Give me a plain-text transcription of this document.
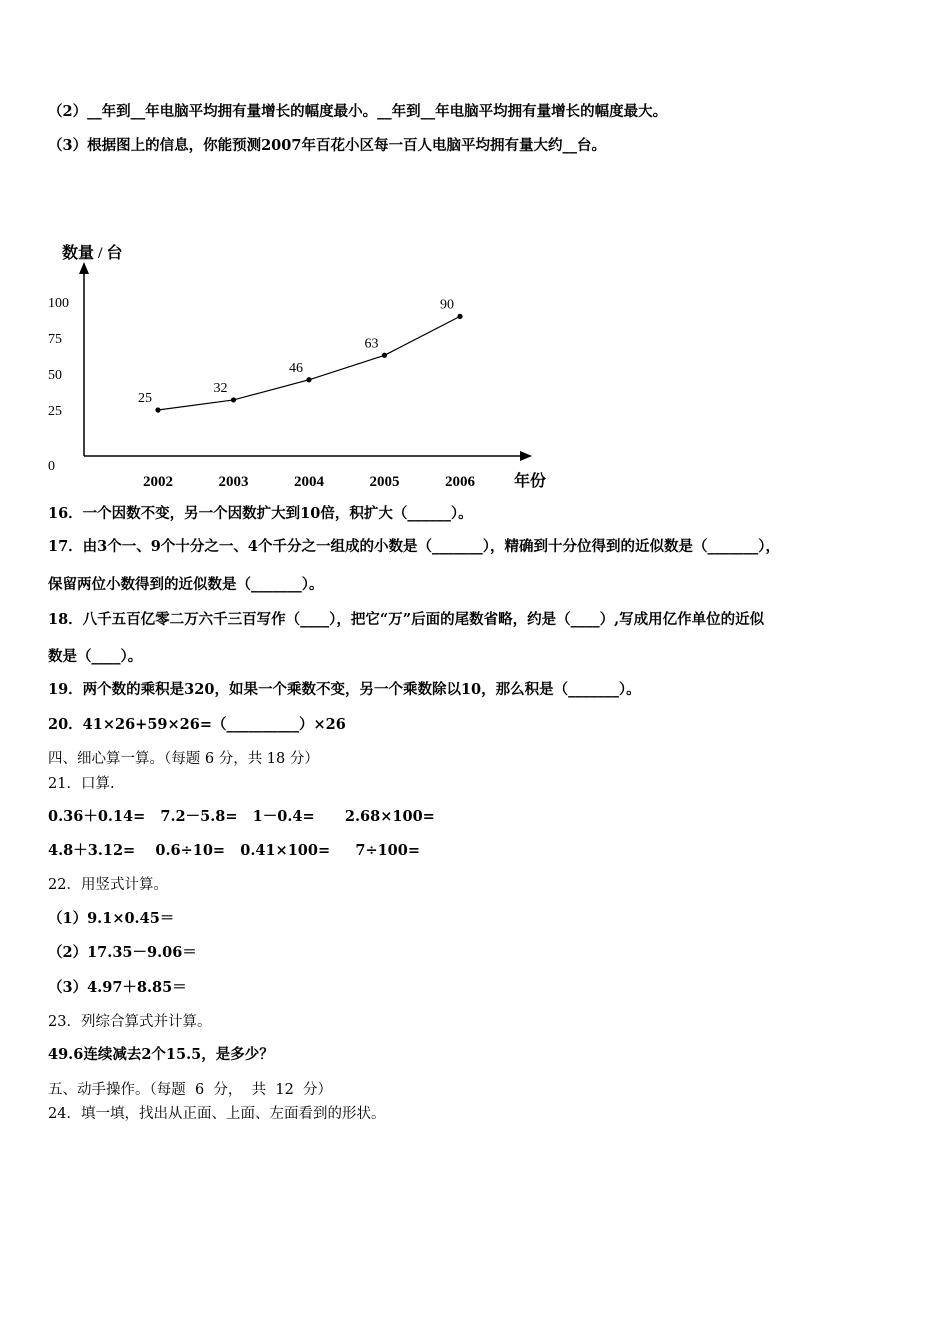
（2）__年到__年电脑平均拥有量增长的幅度最小。__年到__年电脑平均拥有量增长的幅度最大。
（3）根据图上的信息，你能预测2007年百花小区每一百人电脑平均拥有量大约__台。
数量 / 台
年份
0
25
50
75
100
2002	2003	2004	2005	2006
25
32
46
63
90
16．一个因数不变，另一个因数扩大到10倍，积扩大（______）。
17．由3个一、9个十分之一、4个千分之一组成的小数是（_______），精确到十分位得到的近似数是（_______），
保留两位小数得到的近似数是（_______）。
18．八千五百亿零二万六千三百写作（____），把它“万”后面的尾数省略，约是（____）,写成用亿作单位的近似
数是（____）。
19．两个数的乘积是320，如果一个乘数不变，另一个乘数除以10，那么积是（_______）。
20．41×26+59×26=（__________）×26
四、细心算一算。（每题 6 分，共 18 分）
21．口算.
0.36＋0.14=   7.2－5.8=   1－0.4=      2.68×100=
4.8＋3.12=    0.6÷10=   0.41×100=     7÷100=
22．用竖式计算。
（1）9.1×0.45＝
（2）17.35－9.06＝
（3）4.97＋8.85＝
23．列综合算式并计算。
49.6连续减去2个15.5，是多少？
五、动手操作。（每题  6  分，  共  12  分）
24．填一填，找出从正面、上面、左面看到的形状。
